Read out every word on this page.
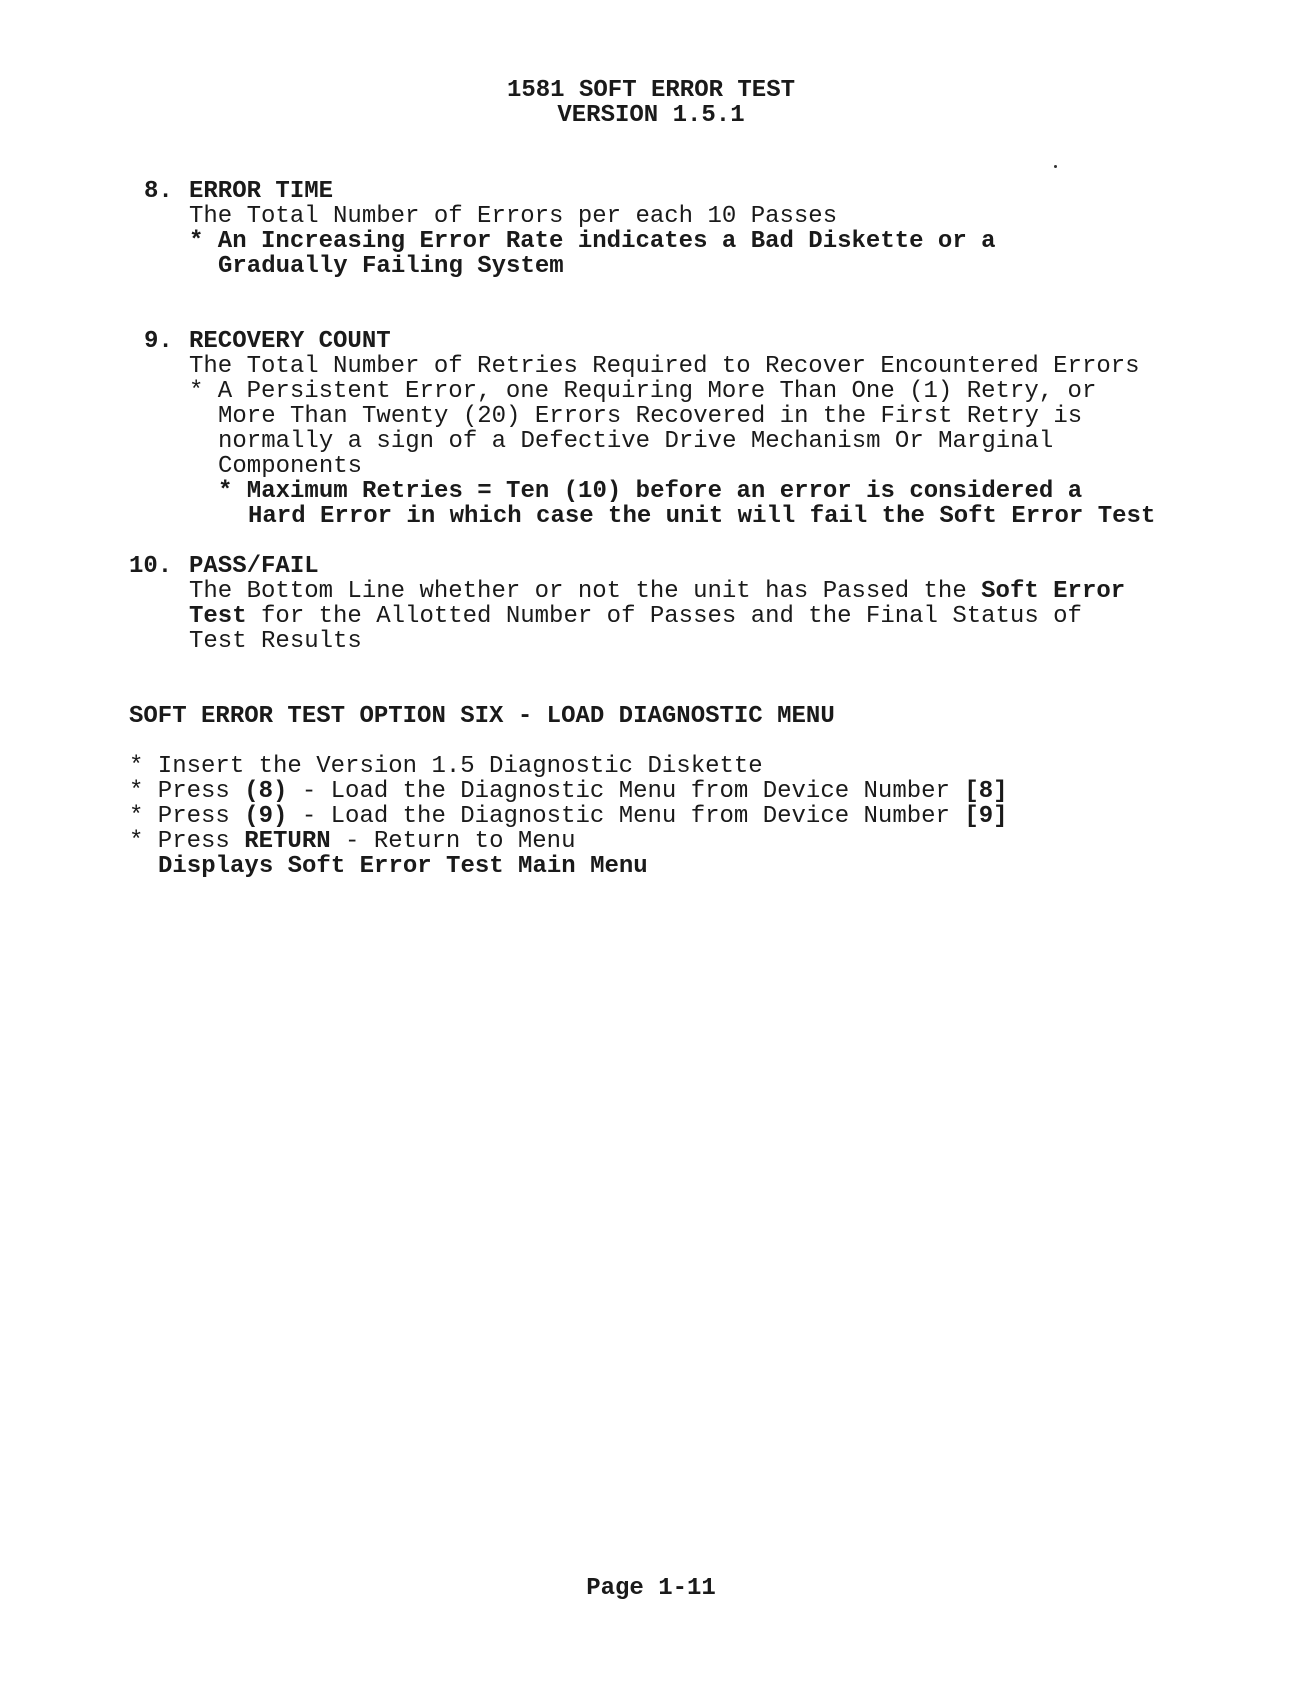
1581 SOFT ERROR TEST
VERSION 1.5.1
8. ERROR TIME
The Total Number of Errors per each 10 Passes
* An Increasing Error Rate indicates a Bad Diskette or a
Gradually Failing System
9. RECOVERY COUNT
The Total Number of Retries Required to Recover Encountered Errors
* A Persistent Error, one Requiring More Than One (1) Retry, or
More Than Twenty (20) Errors Recovered in the First Retry is
normally a sign of a Defective Drive Mechanism Or Marginal
Components
* Maximum Retries = Ten (10) before an error is considered a
Hard Error in which case the unit will fail the Soft Error Test
10. PASS/FAIL
The Bottom Line whether or not the unit has Passed the Soft Error
Test for the Allotted Number of Passes and the Final Status of
Test Results
SOFT ERROR TEST OPTION SIX - LOAD DIAGNOSTIC MENU
* Insert the Version 1.5 Diagnostic Diskette
* Press (8) - Load the Diagnostic Menu from Device Number [8]
* Press (9) - Load the Diagnostic Menu from Device Number [9]
* Press RETURN - Return to Menu
Displays Soft Error Test Main Menu
Page 1-11
